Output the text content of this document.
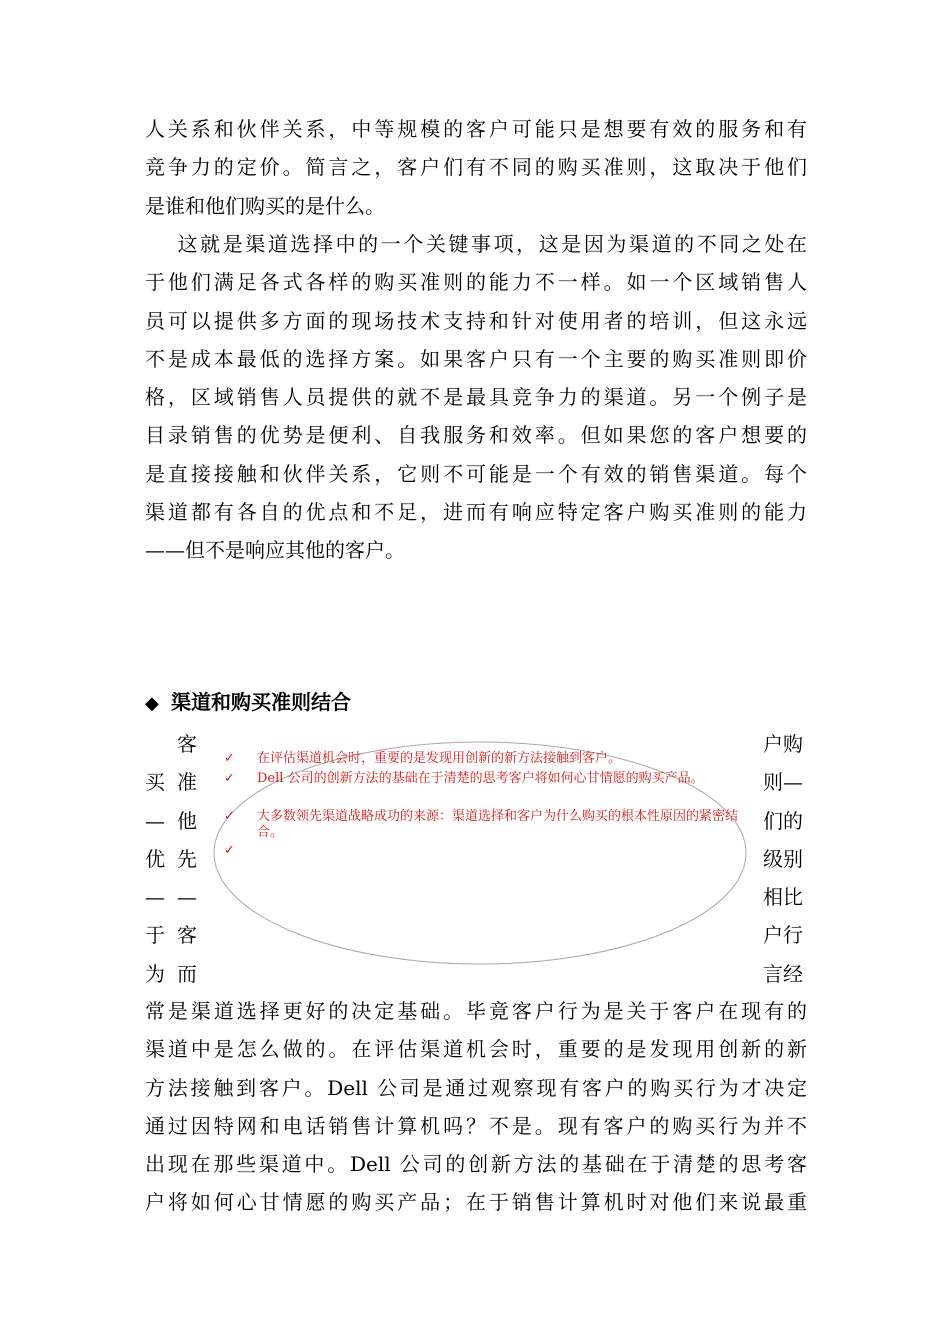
人关系和伙伴关系，中等规模的客户可能只是想要有效的服务和有
竞争力的定价。简言之，客户们有不同的购买准则，这取决于他们
是谁和他们购买的是什么。
　这就是渠道选择中的一个关键事项，这是因为渠道的不同之处在
于他们满足各式各样的购买准则的能力不一样。如一个区域销售人
员可以提供多方面的现场技术支持和针对使用者的培训，但这永远
不是成本最低的选择方案。如果客户只有一个主要的购买准则即价
格，区域销售人员提供的就不是最具竞争力的渠道。另一个例子是
目录销售的优势是便利、自我服务和效率。但如果您的客户想要的
是直接接触和伙伴关系，它则不可能是一个有效的销售渠道。每个
渠道都有各自的优点和不足，进而有响应特定客户购买准则的能力
——但不是响应其他的客户。
◆ 渠道和购买准则结合
买
—
优
—
于
为
客
准
他
先
—
客
而
户购
则—
们的
级别
相比
户行
言经
✓ 在评估渠道机会时，重要的是发现用创新的新方法接触到客户。
✓ Dell 公司的创新方法的基础在于清楚的思考客户将如何心甘情愿的购买产品。
✓ 大多数领先渠道战略成功的来源：渠道选择和客户为什么购买的根本性原因的紧密结合。
✓
常是渠道选择更好的决定基础。毕竟客户行为是关于客户在现有的
渠道中是怎么做的。在评估渠道机会时，重要的是发现用创新的新
方法接触到客户。Dell 公司是通过观察现有客户的购买行为才决定
通过因特网和电话销售计算机吗？不是。现有客户的购买行为并不
出现在那些渠道中。Dell 公司的创新方法的基础在于清楚的思考客
户将如何心甘情愿的购买产品；在于销售计算机时对他们来说最重
